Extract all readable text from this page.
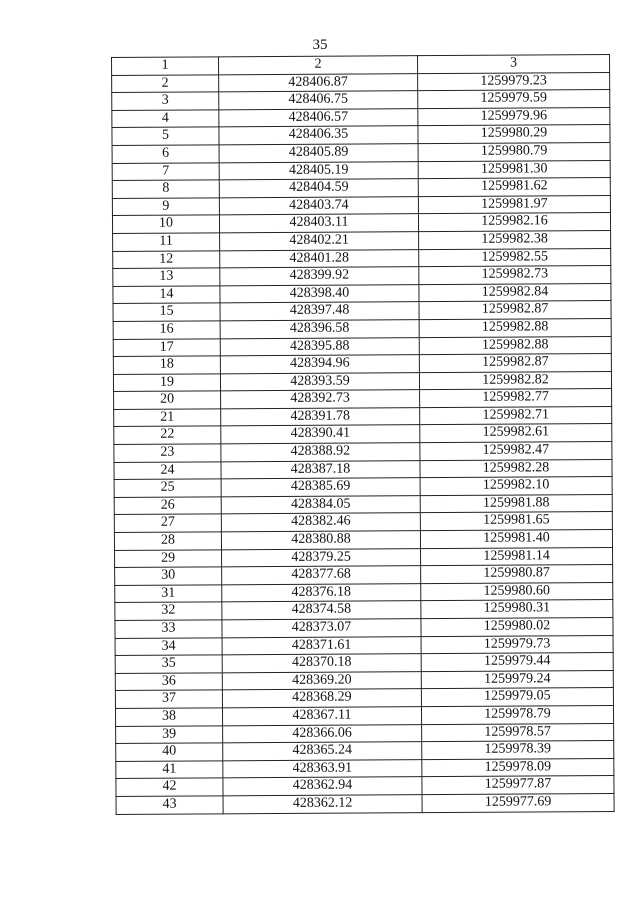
35
1	2	3
2	428406.87	1259979.23
3	428406.75	1259979.59
4	428406.57	1259979.96
5	428406.35	1259980.29
6	428405.89	1259980.79
7	428405.19	1259981.30
8	428404.59	1259981.62
9	428403.74	1259981.97
10	428403.11	1259982.16
11	428402.21	1259982.38
12	428401.28	1259982.55
13	428399.92	1259982.73
14	428398.40	1259982.84
15	428397.48	1259982.87
16	428396.58	1259982.88
17	428395.88	1259982.88
18	428394.96	1259982.87
19	428393.59	1259982.82
20	428392.73	1259982.77
21	428391.78	1259982.71
22	428390.41	1259982.61
23	428388.92	1259982.47
24	428387.18	1259982.28
25	428385.69	1259982.10
26	428384.05	1259981.88
27	428382.46	1259981.65
28	428380.88	1259981.40
29	428379.25	1259981.14
30	428377.68	1259980.87
31	428376.18	1259980.60
32	428374.58	1259980.31
33	428373.07	1259980.02
34	428371.61	1259979.73
35	428370.18	1259979.44
36	428369.20	1259979.24
37	428368.29	1259979.05
38	428367.11	1259978.79
39	428366.06	1259978.57
40	428365.24	1259978.39
41	428363.91	1259978.09
42	428362.94	1259977.87
43	428362.12	1259977.69
